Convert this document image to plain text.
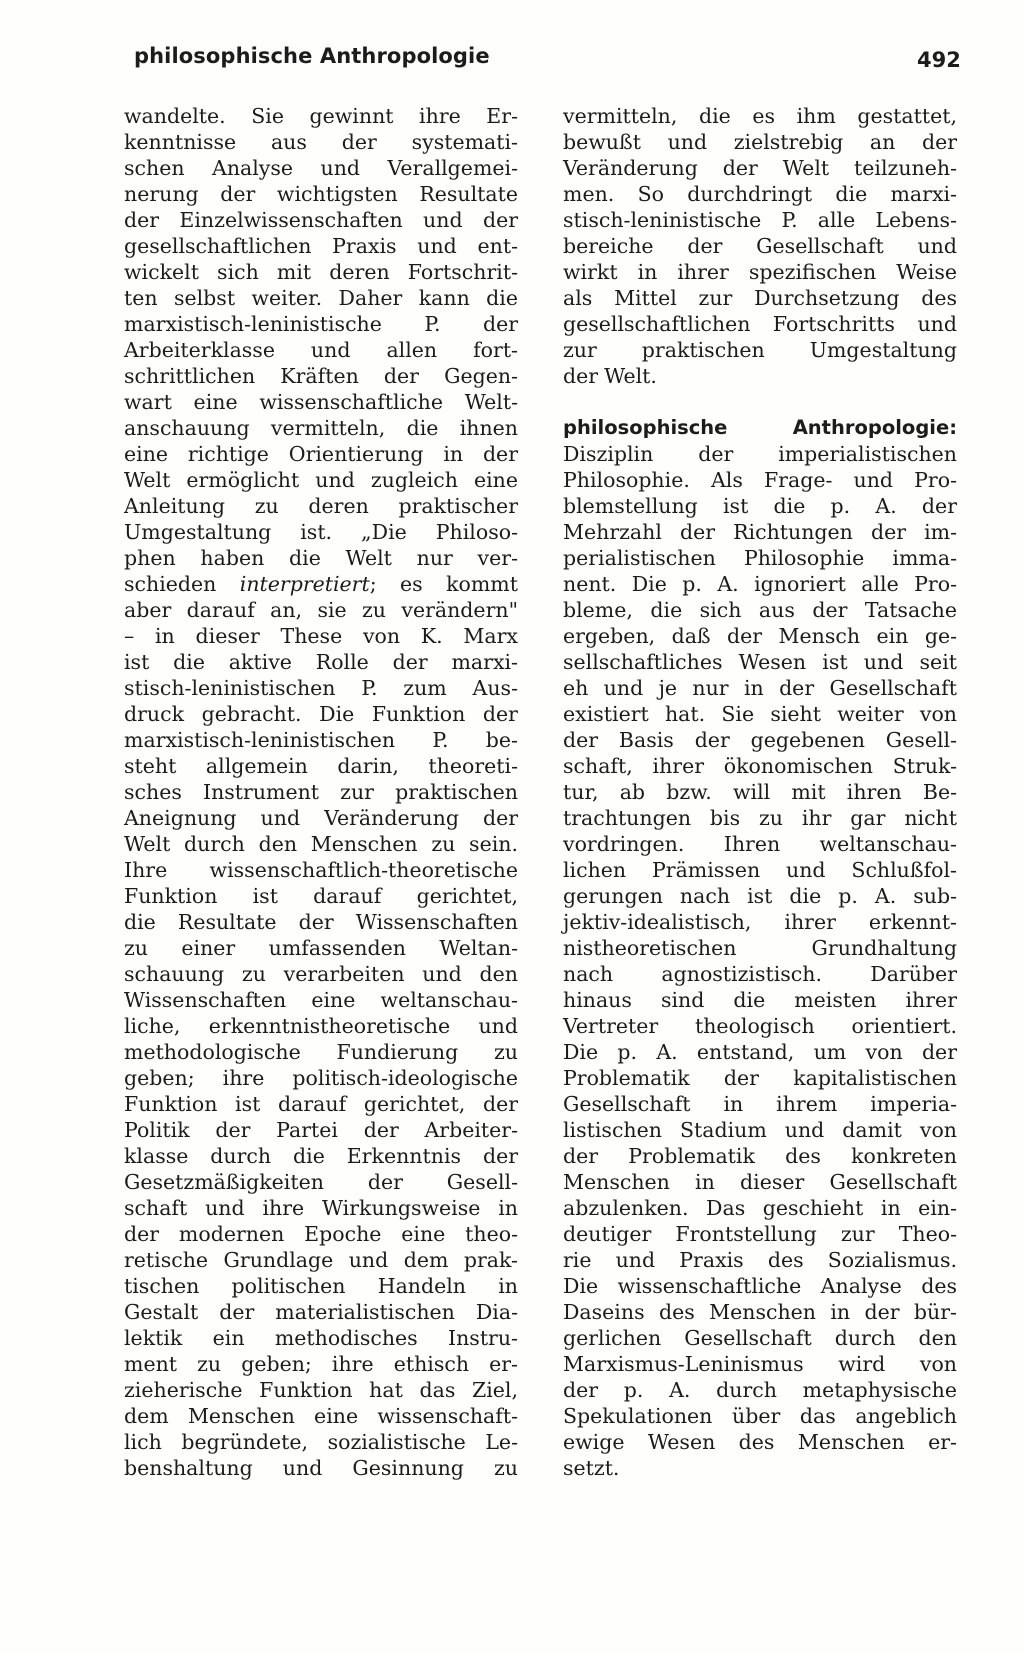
philosophische Anthropologie	492
wandelte. Sie gewinnt ihre Er-
kenntnisse aus der systemati-
schen Analyse und Verallgemei-
nerung der wichtigsten Resultate
der Einzelwissenschaften und der
gesellschaftlichen Praxis und ent-
wickelt sich mit deren Fortschrit-
ten selbst weiter. Daher kann die
marxistisch-leninistische P. der
Arbeiterklasse und allen fort-
schrittlichen Kräften der Gegen-
wart eine wissenschaftliche Welt-
anschauung vermitteln, die ihnen
eine richtige Orientierung in der
Welt ermöglicht und zugleich eine
Anleitung zu deren praktischer
Umgestaltung ist. „Die Philoso-
phen haben die Welt nur ver-
schieden interpretiert; es kommt
aber darauf an, sie zu verändern"
– in dieser These von K. Marx
ist die aktive Rolle der marxi-
stisch-leninistischen P. zum Aus-
druck gebracht. Die Funktion der
marxistisch-leninistischen P. be-
steht allgemein darin, theoreti-
sches Instrument zur praktischen
Aneignung und Veränderung der
Welt durch den Menschen zu sein.
Ihre wissenschaftlich-theoretische
Funktion ist darauf gerichtet,
die Resultate der Wissenschaften
zu einer umfassenden Weltan-
schauung zu verarbeiten und den
Wissenschaften eine weltanschau-
liche, erkenntnistheoretische und
methodologische Fundierung zu
geben; ihre politisch-ideologische
Funktion ist darauf gerichtet, der
Politik der Partei der Arbeiter-
klasse durch die Erkenntnis der
Gesetzmäßigkeiten der Gesell-
schaft und ihre Wirkungsweise in
der modernen Epoche eine theo-
retische Grundlage und dem prak-
tischen politischen Handeln in
Gestalt der materialistischen Dia-
lektik ein methodisches Instru-
ment zu geben; ihre ethisch er-
zieherische Funktion hat das Ziel,
dem Menschen eine wissenschaft-
lich begründete, sozialistische Le-
benshaltung und Gesinnung zu
vermitteln, die es ihm gestattet,
bewußt und zielstrebig an der
Veränderung der Welt teilzuneh-
men. So durchdringt die marxi-
stisch-leninistische P. alle Lebens-
bereiche der Gesellschaft und
wirkt in ihrer spezifischen Weise
als Mittel zur Durchsetzung des
gesellschaftlichen Fortschritts und
zur praktischen Umgestaltung
der Welt.
philosophische Anthropologie:
Disziplin der imperialistischen
Philosophie. Als Frage- und Pro-
blemstellung ist die p. A. der
Mehrzahl der Richtungen der im-
perialistischen Philosophie imma-
nent. Die p. A. ignoriert alle Pro-
bleme, die sich aus der Tatsache
ergeben, daß der Mensch ein ge-
sellschaftliches Wesen ist und seit
eh und je nur in der Gesellschaft
existiert hat. Sie sieht weiter von
der Basis der gegebenen Gesell-
schaft, ihrer ökonomischen Struk-
tur, ab bzw. will mit ihren Be-
trachtungen bis zu ihr gar nicht
vordringen. Ihren weltanschau-
lichen Prämissen und Schlußfol-
gerungen nach ist die p. A. sub-
jektiv-idealistisch, ihrer erkennt-
nistheoretischen Grundhaltung
nach agnostizistisch. Darüber
hinaus sind die meisten ihrer
Vertreter theologisch orientiert.
Die p. A. entstand, um von der
Problematik der kapitalistischen
Gesellschaft in ihrem imperia-
listischen Stadium und damit von
der Problematik des konkreten
Menschen in dieser Gesellschaft
abzulenken. Das geschieht in ein-
deutiger Frontstellung zur Theo-
rie und Praxis des Sozialismus.
Die wissenschaftliche Analyse des
Daseins des Menschen in der bür-
gerlichen Gesellschaft durch den
Marxismus-Leninismus wird von
der p. A. durch metaphysische
Spekulationen über das angeblich
ewige Wesen des Menschen er-
setzt.
